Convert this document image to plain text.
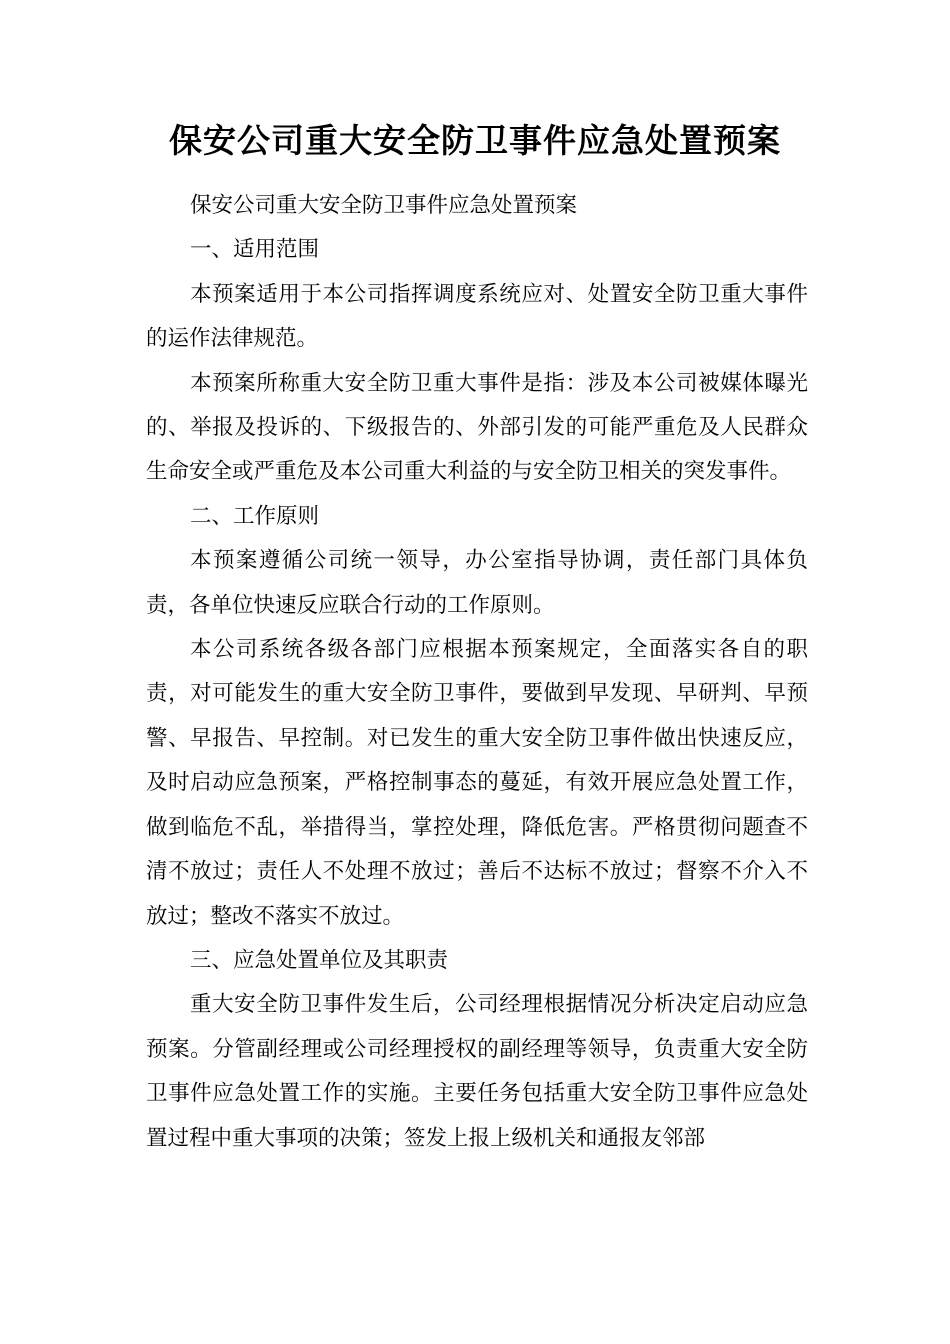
保安公司重大安全防卫事件应急处置预案

保安公司重大安全防卫事件应急处置预案

一、适用范围

本预案适用于本公司指挥调度系统应对、处置安全防卫重大事件的运作法律规范。

本预案所称重大安全防卫重大事件是指：涉及本公司被媒体曝光的、举报及投诉的、下级报告的、外部引发的可能严重危及人民群众生命安全或严重危及本公司重大利益的与安全防卫相关的突发事件。

二、工作原则

本预案遵循公司统一领导，办公室指导协调，责任部门具体负责，各单位快速反应联合行动的工作原则。

本公司系统各级各部门应根据本预案规定，全面落实各自的职责，对可能发生的重大安全防卫事件，要做到早发现、早研判、早预警、早报告、早控制。对已发生的重大安全防卫事件做出快速反应，及时启动应急预案，严格控制事态的蔓延，有效开展应急处置工作，做到临危不乱，举措得当，掌控处理，降低危害。严格贯彻问题查不清不放过；责任人不处理不放过；善后不达标不放过；督察不介入不放过；整改不落实不放过。

三、应急处置单位及其职责

重大安全防卫事件发生后，公司经理根据情况分析决定启动应急预案。分管副经理或公司经理授权的副经理等领导，负责重大安全防卫事件应急处置工作的实施。主要任务包括重大安全防卫事件应急处置过程中重大事项的决策；签发上报上级机关和通报友邻部
